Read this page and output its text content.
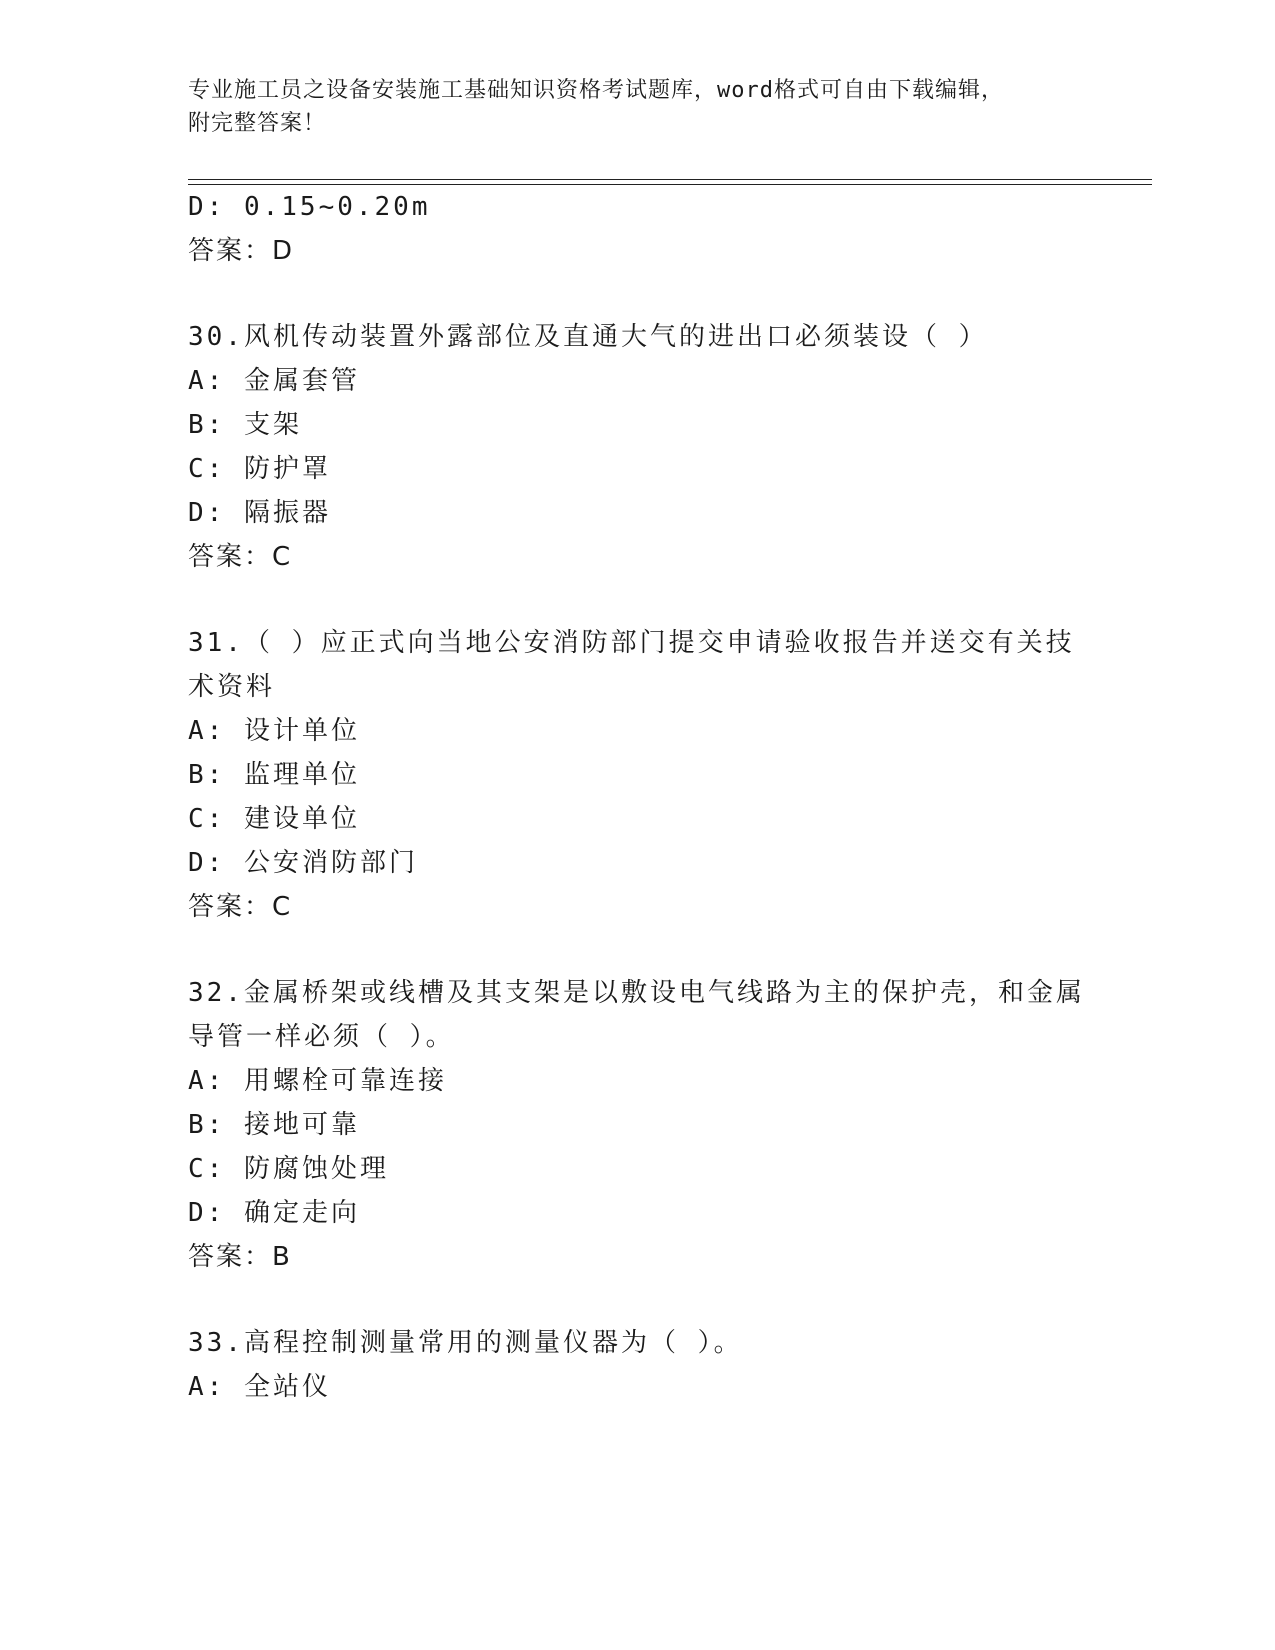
专业施工员之设备安装施工基础知识资格考试题库，word格式可自由下载编辑，
附完整答案！
D: 0.15~0.20m
答案：D
30.风机传动装置外露部位及直通大气的进出口必须装设（ ）
A: 金属套管
B: 支架
C: 防护罩
D: 隔振器
答案：C
31.（ ）应正式向当地公安消防部门提交申请验收报告并送交有关技
术资料
A: 设计单位
B: 监理单位
C: 建设单位
D: 公安消防部门
答案：C
32.金属桥架或线槽及其支架是以敷设电气线路为主的保护壳，和金属
导管一样必须（ ）。
A: 用螺栓可靠连接
B: 接地可靠
C: 防腐蚀处理
D: 确定走向
答案：B
33.高程控制测量常用的测量仪器为（ ）。
A: 全站仪
